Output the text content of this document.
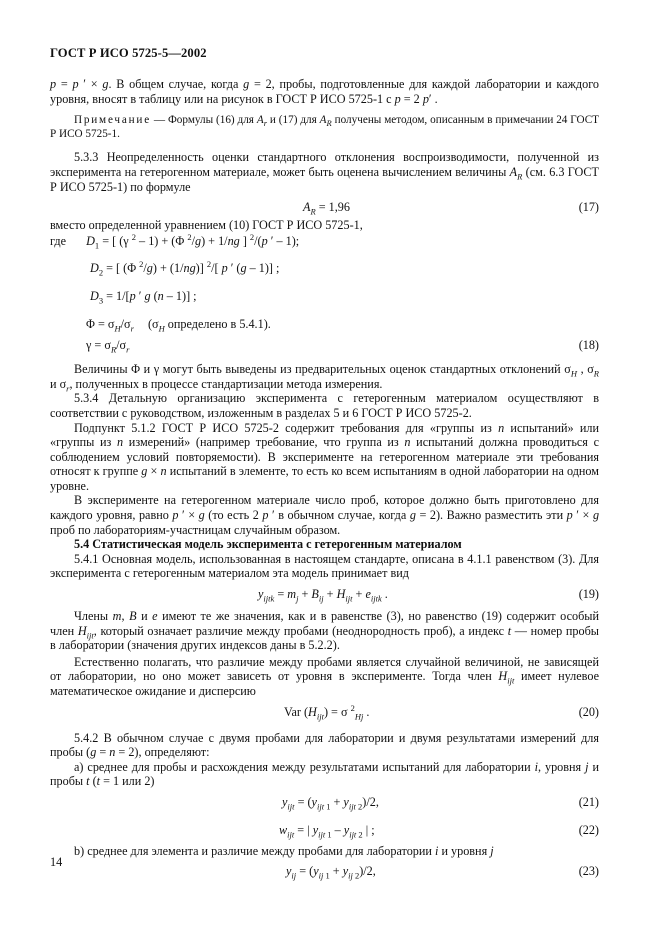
ГОСТ Р ИСО 5725-5—2002

p = p ′ × g. В общем случае, когда g = 2, пробы, подготовленные для каждой лаборатории и каждого уровня, вносят в таблицу или на рисунок в ГОСТ Р ИСО 5725-1 с p = 2 p′ .

Примечание — Формулы (16) для $A_r$ и (17) для $A_R$ получены методом, описанным в примечании 24 ГОСТ Р ИСО 5725-1.

5.3.3 Неопределенность оценки стандартного отклонения воспроизводимости, полученной из эксперимента на гетерогенном материале, может быть оценена вычислением величины $A_R$ (см. 6.3 ГОСТ Р ИСО 5725-1) по формуле

$A_R = 1,96$	(17)

вместо определенной уравнением (10) ГОСТ Р ИСО 5725-1,

где $D_1$ = [ (γ $^2$ – 1) + (Φ $^2$/g) + 1/ng ] $^2$/(p ′ – 1);
$D_2$ = [ (Φ $^2$/g) + (1/ng)] $^2$/[ p ′ (g – 1)] ;
$D_3 = 1/[p$ ′ g (n – 1)] ;
$\Phi = \sigma_H/\sigma_r$ ($\sigma_H$ определено в 5.4.1).
$\gamma = \sigma_R/\sigma_r$	(18)

Величины Φ и γ могут быть выведены из предварительных оценок стандартных отклонений $\sigma_H$ , $\sigma_R$ и $\sigma_r$, полученных в процессе стандартизации метода измерения.

5.3.4 Детальную организацию эксперимента с гетерогенным материалом осуществляют в соответствии с руководством, изложенным в разделах 5 и 6 ГОСТ Р ИСО 5725-2.

Подпункт 5.1.2 ГОСТ Р ИСО 5725-2 содержит требования для «группы из n испытаний» или «группы из n измерений» (например требование, что группа из n испытаний должна проводиться с соблюдением условий повторяемости). В эксперименте на гетерогенном материале эти требования относят к группе g × n испытаний в элементе, то есть ко всем испытаниям в одной лаборатории на одном уровне.

В эксперименте на гетерогенном материале число проб, которое должно быть приготовлено для каждого уровня, равно p ′ × g (то есть 2 p ′ в обычном случае, когда g = 2). Важно разместить эти p ′ × g проб по лабораториям-участницам случайным образом.

5.4 Статистическая модель эксперимента с гетерогенным материалом

5.4.1 Основная модель, использованная в настоящем стандарте, описана в 4.1.1 равенством (3). Для эксперимента с гетерогенным материалом эта модель принимает вид

$y_{ijtk} = m_j + B_{ij} + H_{ijt} + e_{ijtk}$ .	(19)

Члены m, B и e имеют те же значения, как и в равенстве (3), но равенство (19) содержит особый член $H_{ijt}$, который означает различие между пробами (неоднородность проб), а индекс t — номер пробы в лаборатории (значения других индексов даны в 5.2.2).

Естественно полагать, что различие между пробами является случайной величиной, не зависящей от лаборатории, но оно может зависеть от уровня в эксперименте. Тогда член $H_{ijt}$ имеет нулевое математическое ожидание и дисперсию

Var $(H_{ijt}) = \sigma$ $^2_{Hj}$ .	(20)

5.4.2 В обычном случае с двумя пробами для лаборатории и двумя результатами измерений для пробы (g = n = 2), определяют:

a) среднее для пробы и расхождения между результатами испытаний для лаборатории i, уровня j и пробы t (t = 1 или 2)

$y_{ijt} = (y_{ijt 1} + y_{ijt 2})/2$,	(21)
$w_{ijt}$ = | $y_{ijt 1} - y_{ijt 2}$ | ;	(22)

b) среднее для элемента и различие между пробами для лаборатории i и уровня j

$y_{ij} = (y_{ij 1} + y_{ij 2})/2$,	(23)
14
